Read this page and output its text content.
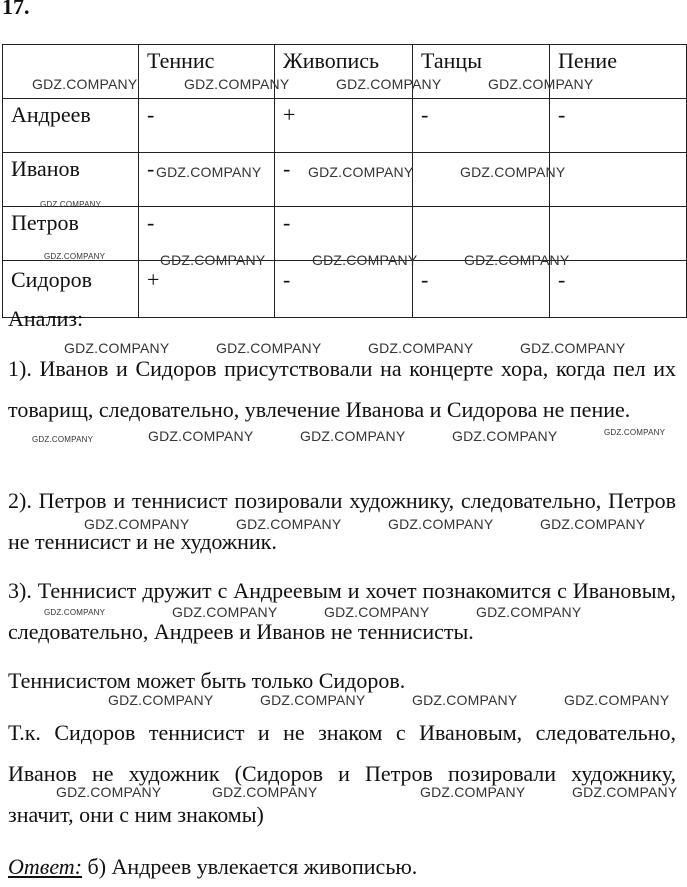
17.
	Теннис	Живопись	Танцы	Пение
Андреев	-	+	-	-
Иванов	-	-		
Петров	-	-		
Сидоров	+	-	-	-
Анализ:
1). Иванов и Сидоров присутствовали на концерте хора, когда пел их товарищ, следовательно, увлечение Иванова и Сидорова не пение.
2). Петров и теннисист позировали художнику, следовательно, Петров не теннисист и не художник.
3). Теннисист дружит с Андреевым и хочет познакомится с Ивановым, следовательно, Андреев и Иванов не теннисисты.
Теннисистом может быть только Сидоров.
Т.к. Сидоров теннисист и не знаком с Ивановым, следовательно, Иванов не художник (Сидоров и Петров позировали художнику, значит, они с ним знакомы)
Ответ: б) Андреев увлекается живописью.
GDZ.COMPANY	GDZ.COMPANY	GDZ.COMPANY	GDZ.COMPANY
GDZ.COMPANY	GDZ.COMPANY	GDZ.COMPANY
GDZ.COMPANY
GDZ.COMPANY	GDZ.COMPANY	GDZ.COMPANY	GDZ.COMPANY
GDZ.COMPANY	GDZ.COMPANY	GDZ.COMPANY	GDZ.COMPANY
GDZ.COMPANY	GDZ.COMPANY	GDZ.COMPANY	GDZ.COMPANY	GDZ.COMPANY
GDZ.COMPANY	GDZ.COMPANY	GDZ.COMPANY	GDZ.COMPANY
GDZ.COMPANY	GDZ.COMPANY	GDZ.COMPANY	GDZ.COMPANY
GDZ.COMPANY	GDZ.COMPANY	GDZ.COMPANY	GDZ.COMPANY
GDZ.COMPANY	GDZ.COMPANY	GDZ.COMPANY	GDZ.COMPANY
